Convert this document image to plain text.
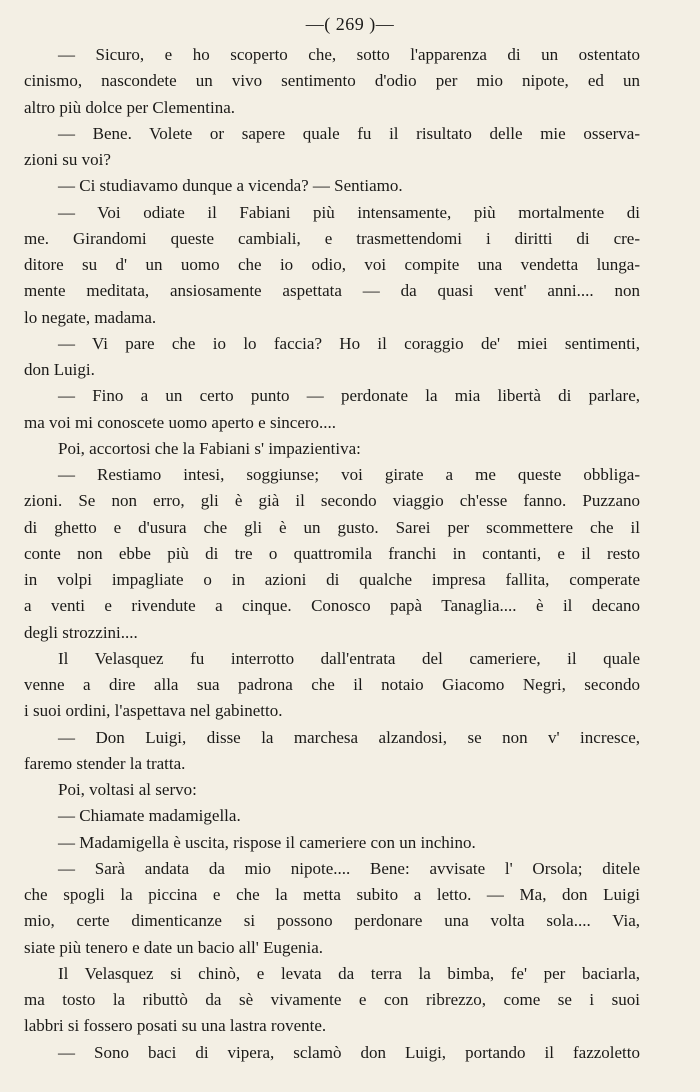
—( 269 )—
— Sicuro, e ho scoperto che, sotto l'apparenza di un ostentato
cinismo, nascondete un vivo sentimento d'odio per mio nipote, ed un
altro più dolce per Clementina.
— Bene. Volete or sapere quale fu il risultato delle mie osserva-
zioni su voi?
— Ci studiavamo dunque a vicenda? — Sentiamo.
— Voi odiate il Fabiani più intensamente, più mortalmente di
me. Girandomi queste cambiali, e trasmettendomi i diritti di cre-
ditore su d' un uomo che io odio, voi compite una vendetta lunga-
mente meditata, ansiosamente aspettata — da quasi vent' anni.... non
lo negate, madama.
— Vi pare che io lo faccia? Ho il coraggio de' miei sentimenti,
don Luigi.
— Fino a un certo punto — perdonate la mia libertà di parlare,
ma voi mi conoscete uomo aperto e sincero....
Poi, accortosi che la Fabiani s' impazientiva:
— Restiamo intesi, soggiunse; voi girate a me queste obbliga-
zioni. Se non erro, gli è già il secondo viaggio ch'esse fanno. Puzzano
di ghetto e d'usura che gli è un gusto. Sarei per scommettere che il
conte non ebbe più di tre o quattromila franchi in contanti, e il resto
in volpi impagliate o in azioni di qualche impresa fallita, comperate
a venti e rivendute a cinque. Conosco papà Tanaglia.... è il decano
degli strozzini....
Il Velasquez fu interrotto dall'entrata del cameriere, il quale
venne a dire alla sua padrona che il notaio Giacomo Negri, secondo
i suoi ordini, l'aspettava nel gabinetto.
— Don Luigi, disse la marchesa alzandosi, se non v' incresce,
faremo stender la tratta.
Poi, voltasi al servo:
— Chiamate madamigella.
— Madamigella è uscita, rispose il cameriere con un inchino.
— Sarà andata da mio nipote.... Bene: avvisate l' Orsola; ditele
che spogli la piccina e che la metta subito a letto. — Ma, don Luigi
mio, certe dimenticanze si possono perdonare una volta sola.... Via,
siate più tenero e date un bacio all' Eugenia.
Il Velasquez si chinò, e levata da terra la bimba, fe' per baciarla,
ma tosto la ributtò da sè vivamente e con ribrezzo, come se i suoi
labbri si fossero posati su una lastra rovente.
— Sono baci di vipera, sclamò don Luigi, portando il fazzoletto
